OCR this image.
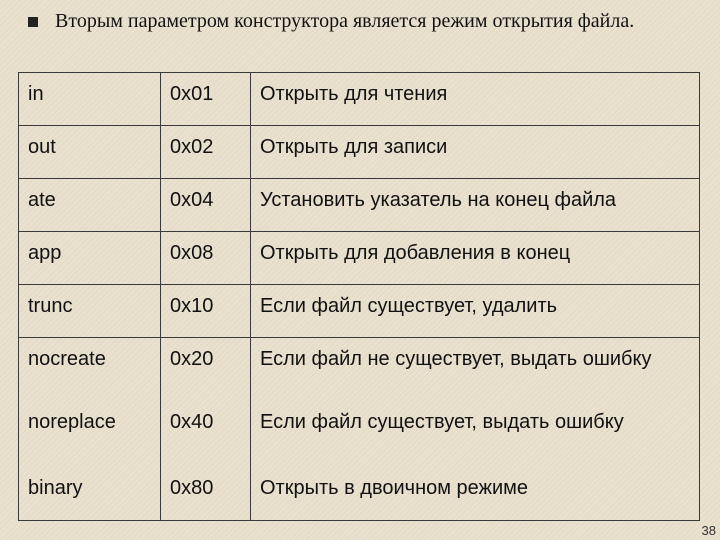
Вторым параметром конструктора является режим открытия файла.
in	0x01	Открыть для чтения
out	0x02	Открыть для записи
ate	0x04	Установить указатель на конец файла
app	0x08	Открыть для добавления в конец
trunc	0x10	Если файл существует, удалить
nocreate	0x20	Если файл не существует, выдать ошибку
noreplace	0x40	Если файл существует, выдать ошибку
binary	0x80	Открыть в двоичном режиме
38
